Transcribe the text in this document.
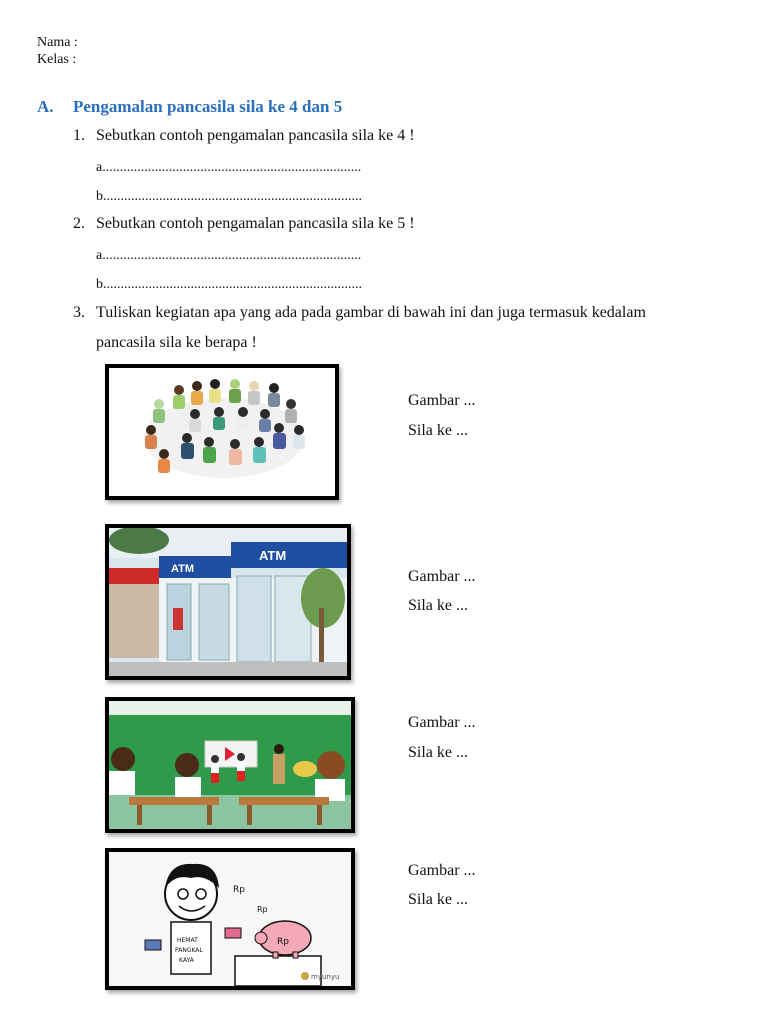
Nama :
Kelas :
A. Pengamalan pancasila sila ke 4 dan 5
1. Sebutkan contoh pengamalan pancasila sila ke 4 !
a..........................................................................
b..........................................................................
2. Sebutkan contoh pengamalan pancasila sila ke 5 !
a..........................................................................
b..........................................................................
3. Tuliskan kegiatan apa yang ada pada gambar di bawah ini dan juga termasuk kedalam
pancasila sila ke berapa !
Gambar ...
Sila ke ...
ATM
ATM
Gambar ...
Sila ke ...
Gambar ...
Sila ke ...
HEMAT
PANGKAL
KAYA
Rp
Rp
Rp
myunyu
Gambar ...
Sila ke ...
